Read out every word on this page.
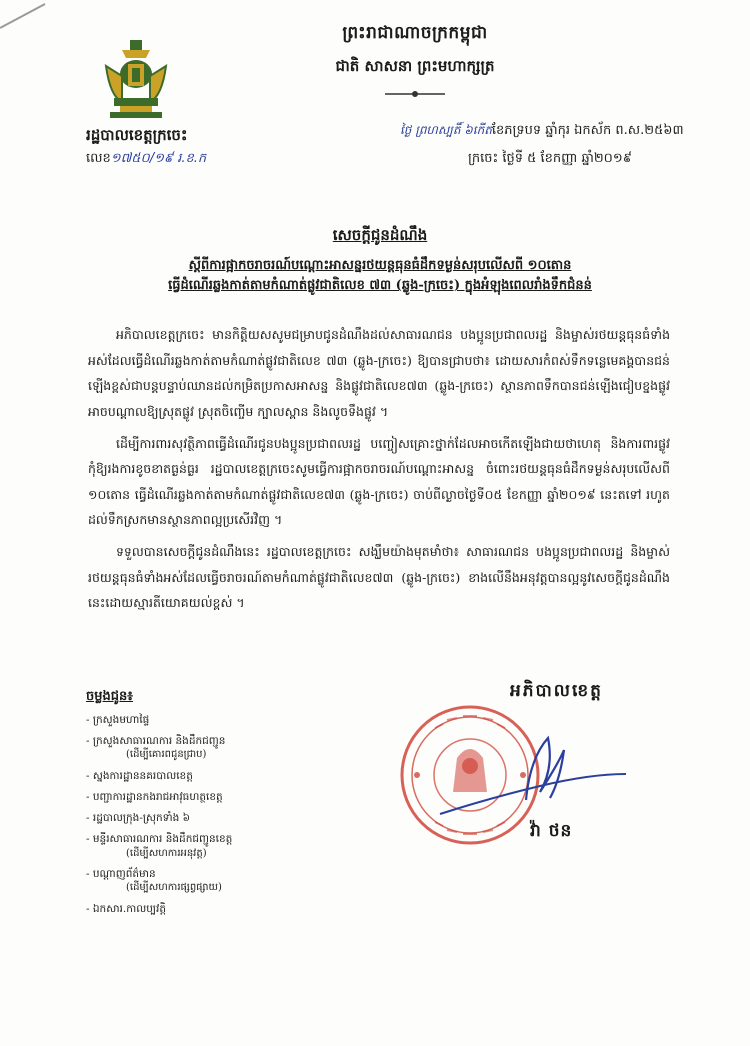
ព្រះរាជាណាចក្រកម្ពុជា
ជាតិ សាសនា ព្រះមហាក្សត្រ
រដ្ឋបាលខេត្តក្រចេះ
លេខ១៧៥០/១៩ រ.ខ.ក
ថ្ងៃ ព្រហស្បតិ៍ ៦កើតខែភទ្របទ ឆ្នាំកុរ ឯកស័ក ព.ស.២៥៦៣
ក្រចេះ ថ្ងៃទី ៥ ខែកញ្ញា ឆ្នាំ២០១៩
សេចក្ដីជូនដំណឹង
ស្ដីពីការផ្អាកចរាចរណ៍បណ្ដោះអាសន្នរថយន្តធុនធំដឹកទម្ងន់សរុបលើសពី ១០តោន
ធ្វើដំណើរឆ្លងកាត់តាមកំណាត់ផ្លូវជាតិលេខ ៧៣ (ឆ្លូង-ក្រចេះ) ក្នុងអំឡុងពេលរាំងទឹកជំនន់

អភិបាលខេត្តក្រចេះ មានកិត្តិយសសូមជម្រាបជូនដំណឹងដល់សាធារណជន បងប្អូនប្រជាពលរដ្ឋ និងម្ចាស់រថយន្តធុនធំទាំងអស់ដែលធ្វើដំណើរឆ្លងកាត់តាមកំណាត់ផ្លូវជាតិលេខ ៧៣ (ឆ្លូង-ក្រចេះ) ឱ្យបានជ្រាបថា៖ ដោយសារកំពស់ទឹកទន្លេមេគង្គបានជន់ឡើងខ្ពស់ជាបន្តបន្ទាប់ឈានដល់កម្រិតប្រកាសអាសន្ន និងផ្លូវជាតិលេខ៧៣ (ឆ្លូង-ក្រចេះ) ស្ថានភាពទឹកបានជន់ឡើងជៀបខ្នងផ្លូវ អាចបណ្ដាលឱ្យស្រុតផ្លូវ ស្រុតចិញ្ចើម ក្បាលស្ពាន និងលូចទឹងផ្លូវ ។

ដើម្បីការពារសុវត្ថិភាពធ្វើដំណើរជូនបងប្អូនប្រជាពលរដ្ឋ បញ្ចៀសគ្រោះថ្នាក់ដែលអាចកើតឡើងជាយថាហេតុ និងការពារផ្លូវកុំឱ្យរងការខូចខាតធ្ងន់ធ្ងរ រដ្ឋបាលខេត្តក្រចេះសូមធ្វើការផ្អាកចរាចរណ៍បណ្ដោះអាសន្ន ចំពោះរថយន្តធុនធំដឹកទម្ងន់សរុបលើសពី ១០តោន ធ្វើដំណើរឆ្លងកាត់តាមកំណាត់ផ្លូវជាតិលេខ៧៣ (ឆ្លូង-ក្រចេះ) ចាប់ពីល្ងាចថ្ងៃទី០៥ ខែកញ្ញា ឆ្នាំ២០១៩ នេះតទៅ រហូតដល់ទឹកស្រកមានស្ថានភាពល្អប្រសើរវិញ ។

ទទួលបានសេចក្ដីជូនដំណឹងនេះ រដ្ឋបាលខេត្តក្រចេះ សង្ឃឹមយ៉ាងមុតមាំថា៖ សាធារណជន បងប្អូនប្រជាពលរដ្ឋ និងម្ចាស់រថយន្តធុនធំទាំងអស់ដែលធ្វើចរាចរណ៍តាមកំណាត់ផ្លូវជាតិលេខ៧៣ (ឆ្លូង-ក្រចេះ) ខាងលើនឹងអនុវត្តបានល្អនូវសេចក្ដីជូនដំណឹងនេះដោយស្មារតីយោគយល់ខ្ពស់ ។

ចម្លងជូន៖
- ក្រសួងមហាផ្ទៃ
- ក្រសួងសាធារណការ និងដឹកជញ្ជូន
(ដើម្បីគោរពជូនជ្រាប)
- ស្នងការដ្ឋាននគរបាលខេត្ត
- បញ្ជាការដ្ឋានកងរាជអាវុធហត្ថខេត្ត
- រដ្ឋបាលក្រុង-ស្រុកទាំង ៦
- មន្ទីរសាធារណការ និងដឹកជញ្ជូនខេត្ត
(ដើម្បីសហការអនុវត្ត)
- បណ្ដាញព័ត៌មាន
(ដើម្បីសហការផ្សព្វផ្សាយ)
- ឯកសារ.កាលប្បវត្តិ
អភិបាលខេត្ត
វ៉ា ថន
